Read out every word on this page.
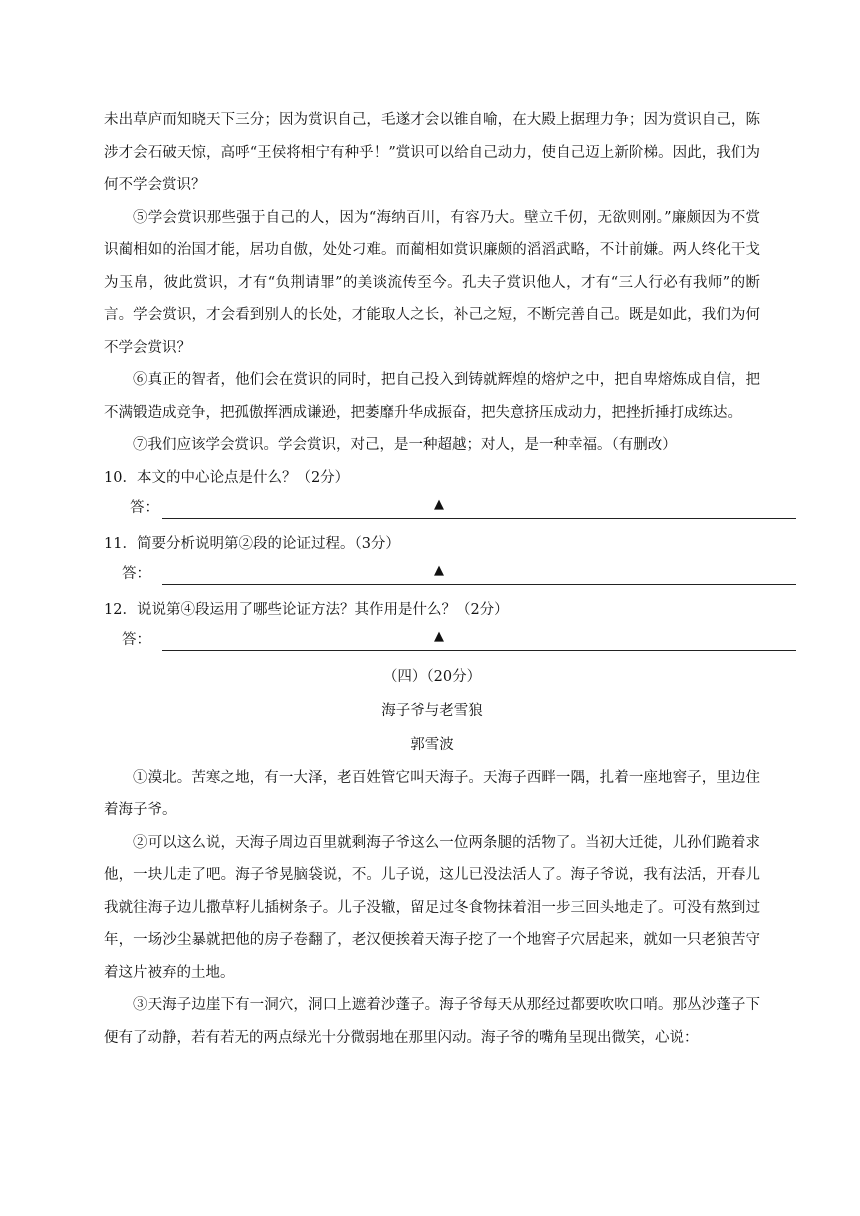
未出草庐而知晓天下三分；因为赏识自己，毛遂才会以锥自喻，在大殿上据理力争；因为赏识自己，陈涉才会石破天惊，高呼“王侯将相宁有种乎！”赏识可以给自己动力，使自己迈上新阶梯。因此，我们为何不学会赏识？

⑤学会赏识那些强于自己的人，因为“海纳百川，有容乃大。壁立千仞，无欲则刚。”廉颇因为不赏识蔺相如的治国才能，居功自傲，处处刁难。而蔺相如赏识廉颇的滔滔武略，不计前嫌。两人终化干戈为玉帛，彼此赏识，才有“负荆请罪”的美谈流传至今。孔夫子赏识他人，才有“三人行必有我师”的断言。学会赏识，才会看到别人的长处，才能取人之长，补己之短，不断完善自己。既是如此，我们为何不学会赏识？

⑥真正的智者，他们会在赏识的同时，把自己投入到铸就辉煌的熔炉之中，把自卑熔炼成自信，把不满锻造成竞争，把孤傲挥洒成谦逊，把萎靡升华成振奋，把失意挤压成动力，把挫折捶打成练达。

⑦我们应该学会赏识。学会赏识，对己，是一种超越；对人，是一种幸福。（有删改）

10．本文的中心论点是什么？（2分）

答：	▲

11．简要分析说明第②段的论证过程。（3分）

答：	▲

12．说说第④段运用了哪些论证方法？其作用是什么？（2分）

答：	▲

（四）（20分）

海子爷与老雪狼

郭雪波

①漠北。苦寒之地，有一大泽，老百姓管它叫天海子。天海子西畔一隅，扎着一座地窖子，里边住着海子爷。

②可以这么说，天海子周边百里就剩海子爷这么一位两条腿的活物了。当初大迁徙，儿孙们跪着求他，一块儿走了吧。海子爷晃脑袋说，不。儿子说，这儿已没法活人了。海子爷说，我有法活，开春儿我就往海子边儿撒草籽儿插树条子。儿子没辙，留足过冬食物抹着泪一步三回头地走了。可没有熬到过年，一场沙尘暴就把他的房子卷翻了，老汉便挨着天海子挖了一个地窖子穴居起来，就如一只老狼苦守着这片被弃的土地。

③天海子边崖下有一洞穴，洞口上遮着沙蓬子。海子爷每天从那经过都要吹吹口哨。那丛沙蓬子下便有了动静，若有若无的两点绿光十分微弱地在那里闪动。海子爷的嘴角呈现出微笑，心说：
